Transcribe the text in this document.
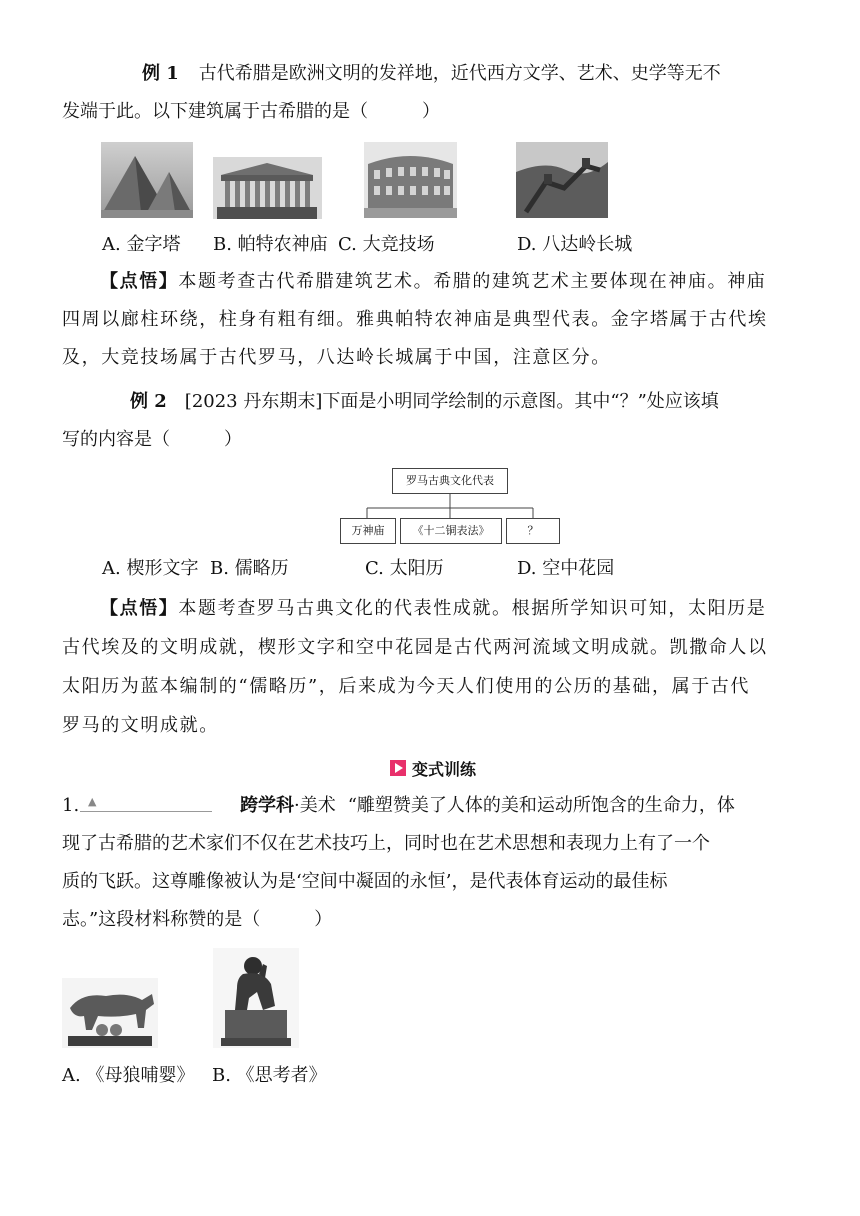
例 1 古代希腊是欧洲文明的发祥地，近代西方文学、艺术、史学等无不
发端于此。以下建筑属于古希腊的是（　　　）
A. 金字塔 B. 帕特农神庙 C. 大竞技场	D. 八达岭长城
【点悟】本题考查古代希腊建筑艺术。希腊的建筑艺术主要体现在神庙。神庙
四周以廊柱环绕，柱身有粗有细。雅典帕特农神庙是典型代表。金字塔属于古代埃
及，大竞技场属于古代罗马，八达岭长城属于中国，注意区分。
例 2 [2023 丹东期末]下面是小明同学绘制的示意图。其中“？”处应该填
写的内容是（　　　）
罗马古典文化代表
万神庙	《十二铜表法》	？
A. 楔形文字 B. 儒略历	C. 太阳历	D. 空中花园
【点悟】本题考查罗马古典文化的代表性成就。根据所学知识可知，太阳历是
古代埃及的文明成就，楔形文字和空中花园是古代两河流域文明成就。凯撒命人以
太阳历为蓝本编制的“儒略历”，后来成为今天人们使用的公历的基础，属于古代
罗马的文明成就。
变式训练
1. ▲	跨学科·美术 “雕塑赞美了人体的美和运动所饱含的生命力，体
现了古希腊的艺术家们不仅在艺术技巧上，同时也在艺术思想和表现力上有了一个
质的飞跃。这尊雕像被认为是‘空间中凝固的永恒’，是代表体育运动的最佳标
志。”这段材料称赞的是（　　　）
A. 《母狼哺婴》 B. 《思考者》
